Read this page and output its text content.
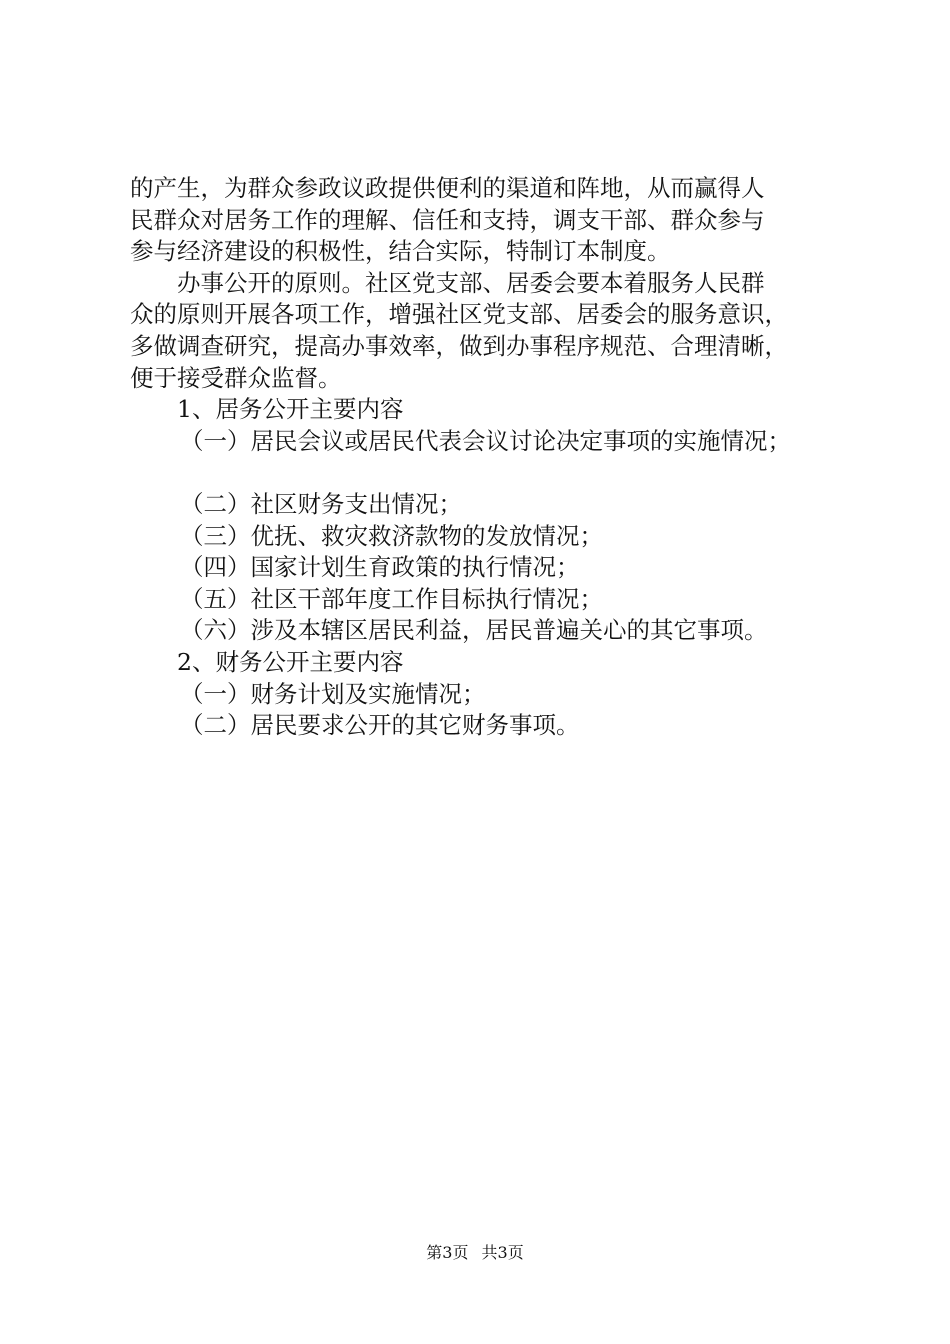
的产生，为群众参政议政提供便利的渠道和阵地，从而赢得人
民群众对居务工作的理解、信任和支持，调支干部、群众参与
参与经济建设的积极性，结合实际，特制订本制度。
办事公开的原则。社区党支部、居委会要本着服务人民群
众的原则开展各项工作，增强社区党支部、居委会的服务意识，
多做调查研究，提高办事效率，做到办事程序规范、合理清晰，
便于接受群众监督。
1、居务公开主要内容
（一）居民会议或居民代表会议讨论决定事项的实施情况；
（二）社区财务支出情况；
（三）优抚、救灾救济款物的发放情况；
（四）国家计划生育政策的执行情况；
（五）社区干部年度工作目标执行情况；
（六）涉及本辖区居民利益，居民普遍关心的其它事项。
2、财务公开主要内容
（一）财务计划及实施情况；
（二）居民要求公开的其它财务事项。
第3页 共3页
